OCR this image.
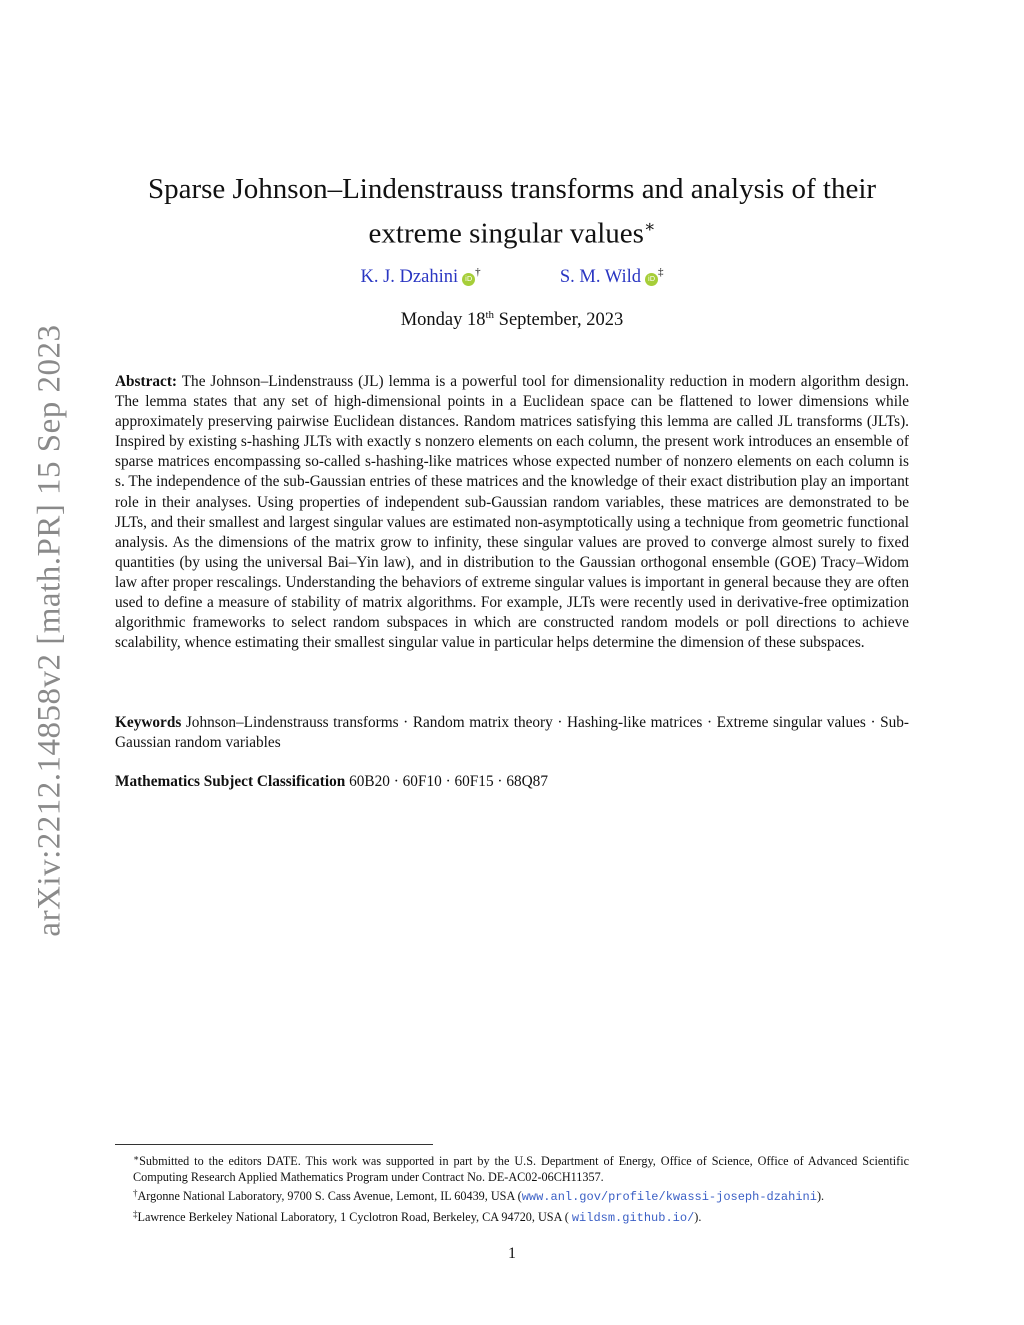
arXiv:2212.14858v2 [math.PR] 15 Sep 2023
Sparse Johnson–Lindenstrauss transforms and analysis of their
extreme singular values∗
K. J. Dzahini iD†	S. M. Wild iD‡
Monday 18th September, 2023

Abstract: The Johnson–Lindenstrauss (JL) lemma is a powerful tool for dimensionality reduction in modern algorithm design. The lemma states that any set of high-dimensional points in a Euclidean space can be flattened to lower dimensions while approximately preserving pairwise Euclidean distances. Random matrices satisfying this lemma are called JL transforms (JLTs). Inspired by existing s-hashing JLTs with exactly s nonzero elements on each column, the present work introduces an ensemble of sparse matrices encompassing so-called s-hashing-like matrices whose expected number of nonzero elements on each column is s. The independence of the sub-Gaussian entries of these matrices and the knowledge of their exact distribution play an important role in their analyses. Using properties of independent sub-Gaussian random variables, these matrices are demonstrated to be JLTs, and their smallest and largest singular values are estimated non-asymptotically using a technique from geometric functional analysis. As the dimensions of the matrix grow to infinity, these singular values are proved to converge almost surely to fixed quantities (by using the universal Bai–Yin law), and in distribution to the Gaussian orthogonal ensemble (GOE) Tracy–Widom law after proper rescalings. Understanding the behaviors of extreme singular values is important in general because they are often used to define a measure of stability of matrix algorithms. For example, JLTs were recently used in derivative-free optimization algorithmic frameworks to select random subspaces in which are constructed random models or poll directions to achieve scalability, whence estimating their smallest singular value in particular helps determine the dimension of these subspaces.

Keywords Johnson–Lindenstrauss transforms · Random matrix theory · Hashing-like matrices · Extreme singular values · Sub-Gaussian random variables

Mathematics Subject Classification 60B20 · 60F10 · 60F15 · 68Q87

∗Submitted to the editors DATE. This work was supported in part by the U.S. Department of Energy, Office of Science, Office of Advanced Scientific Computing Research Applied Mathematics Program under Contract No. DE-AC02-06CH11357.

†Argonne National Laboratory, 9700 S. Cass Avenue, Lemont, IL 60439, USA (www.anl.gov/profile/kwassi-joseph-dzahini).

‡Lawrence Berkeley National Laboratory, 1 Cyclotron Road, Berkeley, CA 94720, USA ( wildsm.github.io/).

1
